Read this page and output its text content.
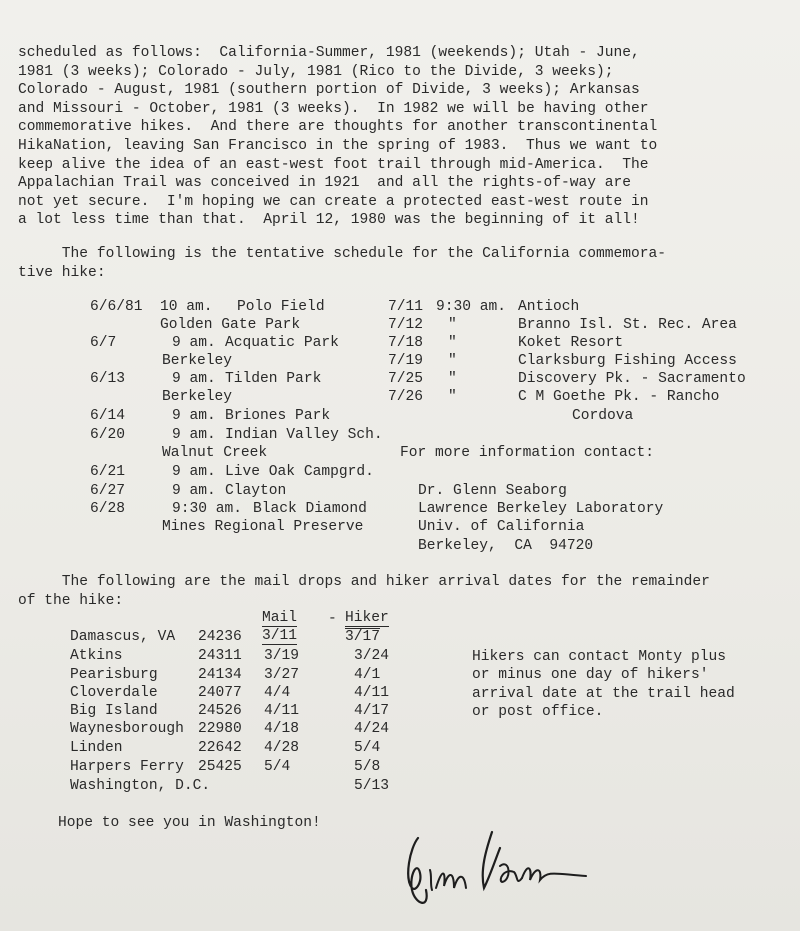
scheduled as follows:  California-Summer, 1981 (weekends); Utah - June,
1981 (3 weeks); Colorado - July, 1981 (Rico to the Divide, 3 weeks);
Colorado - August, 1981 (southern portion of Divide, 3 weeks); Arkansas
and Missouri - October, 1981 (3 weeks).  In 1982 we will be having other
commemorative hikes.  And there are thoughts for another transcontinental
HikaNation, leaving San Francisco in the spring of 1983.  Thus we want to
keep alive the idea of an east-west foot trail through mid-America.  The
Appalachian Trail was conceived in 1921  and all the rights-of-way are
not yet secure.  I'm hoping we can create a protected east-west route in
a lot less time than that.  April 12, 1980 was the beginning of it all!
The following is the tentative schedule for the California commemora-
tive hike:
6/6/81 10 am. Polo Field
Golden Gate Park
6/7	9 am. Acquatic Park
Berkeley
6/13	9 am. Tilden Park
Berkeley
6/14	9 am. Briones Park
6/20	9 am. Indian Valley Sch.
Walnut Creek
6/21	9 am. Live Oak Campgrd.
6/27	9 am. Clayton
6/28	9:30 am. Black Diamond
Mines Regional Preserve
7/11 9:30 am. Antioch
7/12 "	Branno Isl. St. Rec. Area
7/18 "	Koket Resort
7/19 "	Clarksburg Fishing Access
7/25 "	Discovery Pk. - Sacramento
7/26 "	C M Goethe Pk. - Rancho
Cordova
For more information contact:
Dr. Glenn Seaborg
Lawrence Berkeley Laboratory
Univ. of California
Berkeley,  CA  94720
The following are the mail drops and hiker arrival dates for the remainder
of the hike:
Mail - Hiker
Damascus, VA 24236 3/11	3/17
Atkins	24311 3/19	3/24
Pearisburg	24134 3/27	4/1
Cloverdale	24077 4/4	4/11
Big Island	24526 4/11	4/17
Waynesborough 22980 4/18	4/24
Linden	22642 4/28	5/4
Harpers Ferry 25425 5/4	5/8
Washington, D.C.	5/13
Hikers can contact Monty plus
or minus one day of hikers'
arrival date at the trail head
or post office.
Hope to see you in Washington!
